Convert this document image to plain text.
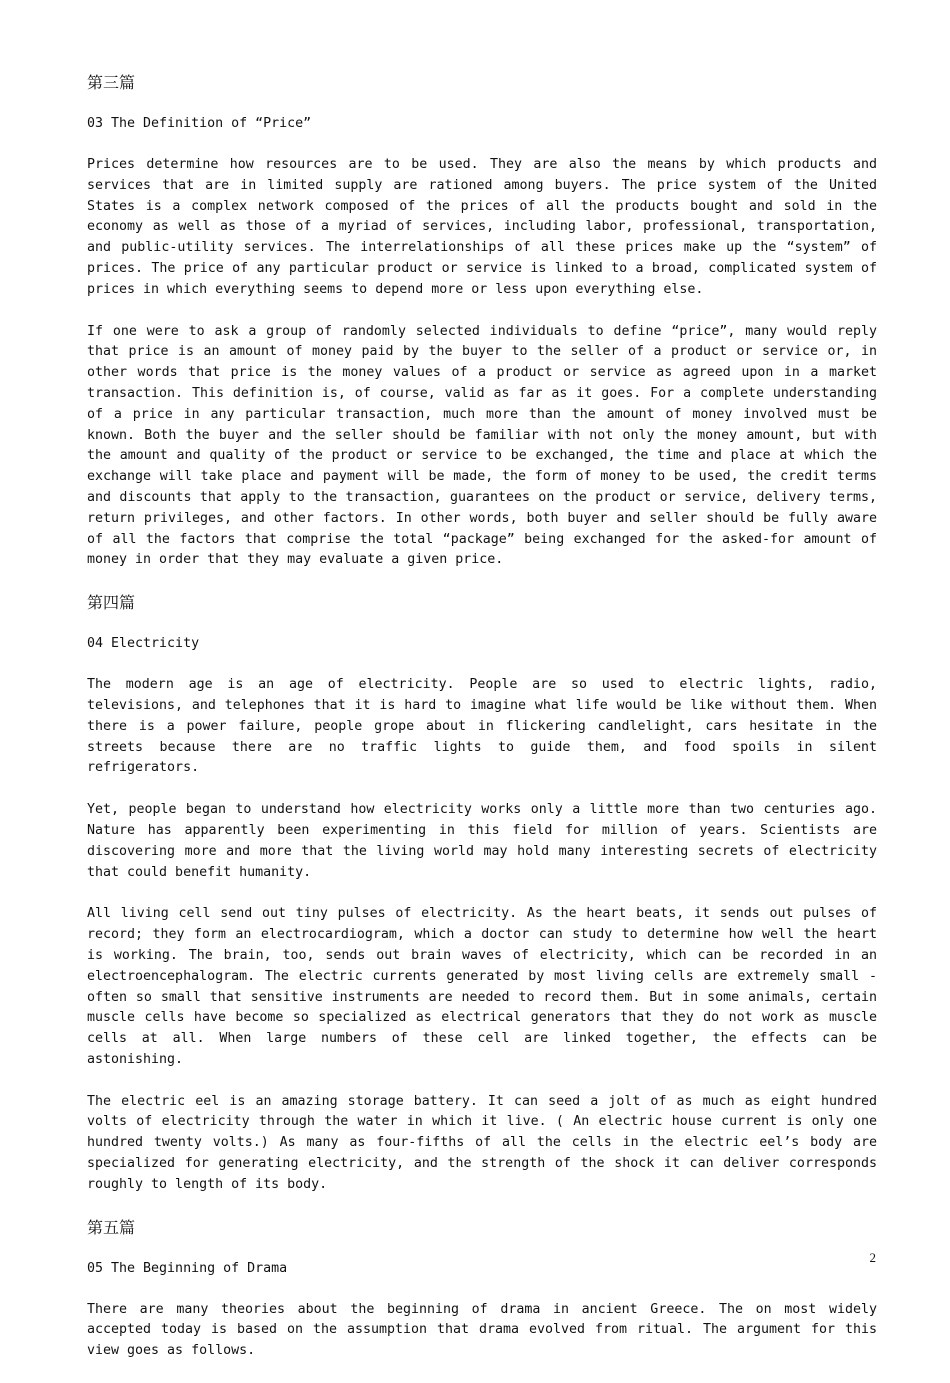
第三篇
03 The Definition of “Price”

Prices determine how resources are to be used. They are also the means by which products and services that are in limited supply are rationed among buyers. The price system of the United States is a complex network composed of the prices of all the products bought and sold in the economy as well as those of a myriad of services, including labor, professional, transportation, and public-utility services. The interrelationships of all these prices make up the “system” of prices. The price of any particular product or service is linked to a broad, complicated system of prices in which everything seems to depend more or less upon everything else.

If one were to ask a group of randomly selected individuals to define “price”, many would reply that price is an amount of money paid by the buyer to the seller of a product or service or, in other words that price is the money values of a product or service as agreed upon in a market transaction. This definition is, of course, valid as far as it goes. For a complete understanding of a price in any particular transaction, much more than the amount of money involved must be known. Both the buyer and the seller should be familiar with not only the money amount, but with the amount and quality of the product or service to be exchanged, the time and place at which the exchange will take place and payment will be made, the form of money to be used, the credit terms and discounts that apply to the transaction, guarantees on the product or service, delivery terms, return privileges, and other factors. In other words, both buyer and seller should be fully aware of all the factors that comprise the total “package” being exchanged for the asked-for amount of money in order that they may evaluate a given price.

第四篇
04 Electricity

The modern age is an age of electricity. People are so used to electric lights, radio, televisions, and telephones that it is hard to imagine what life would be like without them. When there is a power failure, people grope about in flickering candlelight, cars hesitate in the streets because there are no traffic lights to guide them, and food spoils in silent refrigerators.

Yet, people began to understand how electricity works only a little more than two centuries ago. Nature has apparently been experimenting in this field for million of years. Scientists are discovering more and more that the living world may hold many interesting secrets of electricity that could benefit humanity.

All living cell send out tiny pulses of electricity. As the heart beats, it sends out pulses of record; they form an electrocardiogram, which a doctor can study to determine how well the heart is working. The brain, too, sends out brain waves of electricity, which can be recorded in an electroencephalogram. The electric currents generated by most living cells are extremely small - often so small that sensitive instruments are needed to record them. But in some animals, certain muscle cells have become so specialized as electrical generators that they do not work as muscle cells at all. When large numbers of these cell are linked together, the effects can be astonishing.

The electric eel is an amazing storage battery. It can seed a jolt of as much as eight hundred volts of electricity through the water in which it live. ( An electric house current is only one hundred twenty volts.) As many as four-fifths of all the cells in the electric eel’s body are specialized for generating electricity, and the strength of the shock it can deliver corresponds roughly to length of its body.

第五篇
05 The Beginning of Drama

There are many theories about the beginning of drama in ancient Greece. The on most widely accepted today is based on the assumption that drama evolved from ritual. The argument for this view goes as follows.

2
